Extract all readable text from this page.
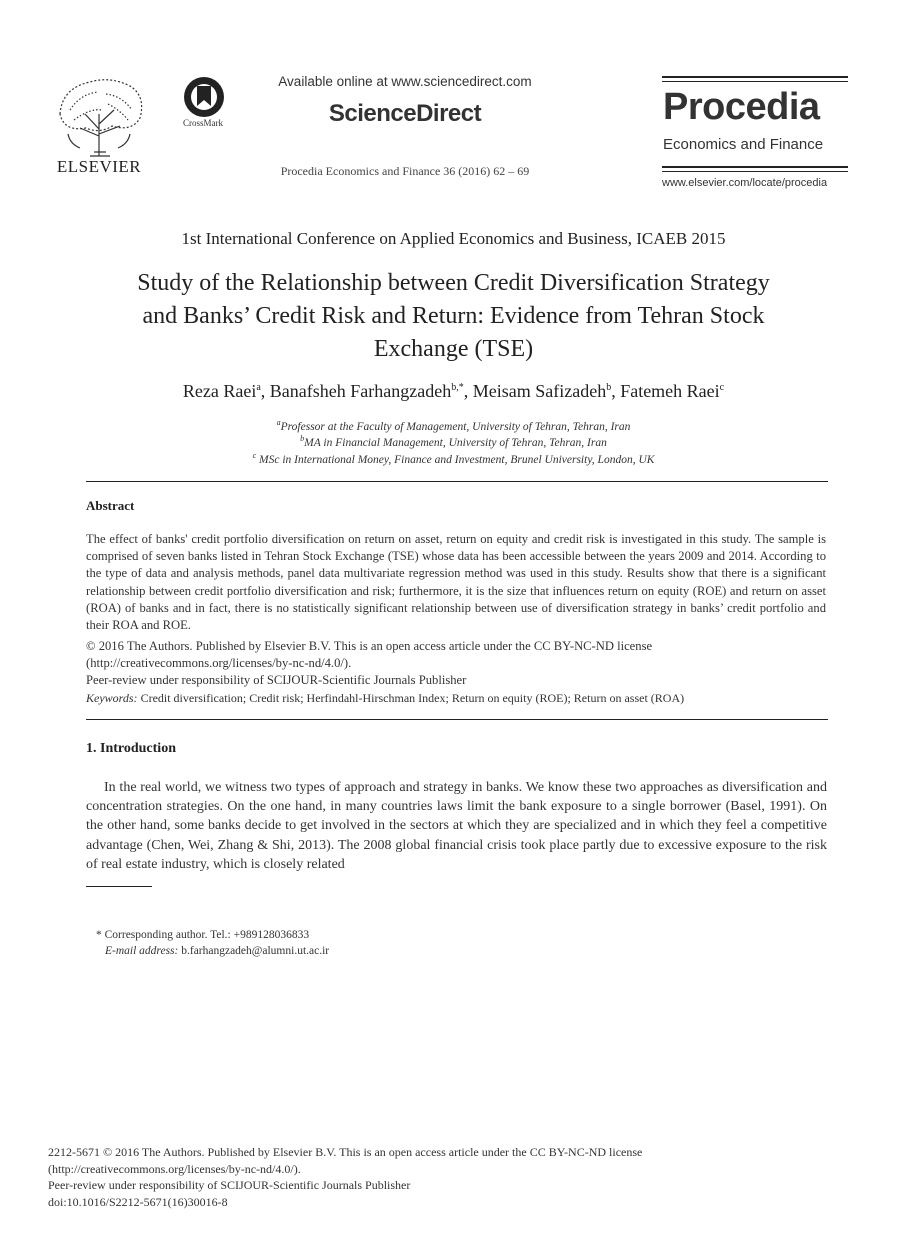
ELSEVIER
CrossMark
Available online at www.sciencedirect.com
ScienceDirect
Procedia Economics and Finance 36 (2016) 62 – 69
Procedia
Economics and Finance
www.elsevier.com/locate/procedia
1st International Conference on Applied Economics and Business, ICAEB 2015
Study of the Relationship between Credit Diversification Strategy
and Banks’ Credit Risk and Return: Evidence from Tehran Stock
Exchange (TSE)
Reza Raei$^a$, Banafsheh Farhangzadeh$^{b,*}$, Meisam Safizadeh$^b$, Fatemeh Raei$^c$
$^a$Professor at the Faculty of Management, University of Tehran, Tehran, Iran
$^b$MA in Financial Management, University of Tehran, Tehran, Iran
$^c$ MSc in International Money, Finance and Investment, Brunel University, London, UK
Abstract
The effect of banks' credit portfolio diversification on return on asset, return on equity and credit risk is investigated in this study. The sample is comprised of seven banks listed in Tehran Stock Exchange (TSE) whose data has been accessible between the years 2009 and 2014. According to the type of data and analysis methods, panel data multivariate regression method was used in this study. Results show that there is a significant relationship between credit portfolio diversification and risk; furthermore, it is the size that influences return on equity (ROE) and return on asset (ROA) of banks and in fact, there is no statistically significant relationship between use of diversification strategy in banks’ credit portfolio and their ROA and ROE.
© 2016 The Authors. Published by Elsevier B.V. This is an open access article under the CC BY-NC-ND license
(http://creativecommons.org/licenses/by-nc-nd/4.0/).
Peer-review under responsibility of SCIJOUR-Scientific Journals Publisher
Keywords: Credit diversification; Credit risk; Herfindahl-Hirschman Index; Return on equity (ROE); Return on asset (ROA)
1. Introduction
In the real world, we witness two types of approach and strategy in banks. We know these two approaches as diversification and concentration strategies. On the one hand, in many countries laws limit the bank exposure to a single borrower (Basel, 1991). On the other hand, some banks decide to get involved in the sectors at which they are specialized and in which they feel a competitive advantage (Chen, Wei, Zhang & Shi, 2013). The 2008 global financial crisis took place partly due to excessive exposure to the risk of real estate industry, which is closely related
* Corresponding author. Tel.: +989128036833
E-mail address: b.farhangzadeh@alumni.ut.ac.ir
2212-5671 © 2016 The Authors. Published by Elsevier B.V. This is an open access article under the CC BY-NC-ND license
(http://creativecommons.org/licenses/by-nc-nd/4.0/).
Peer-review under responsibility of SCIJOUR-Scientific Journals Publisher
doi:10.1016/S2212-5671(16)30016-8
